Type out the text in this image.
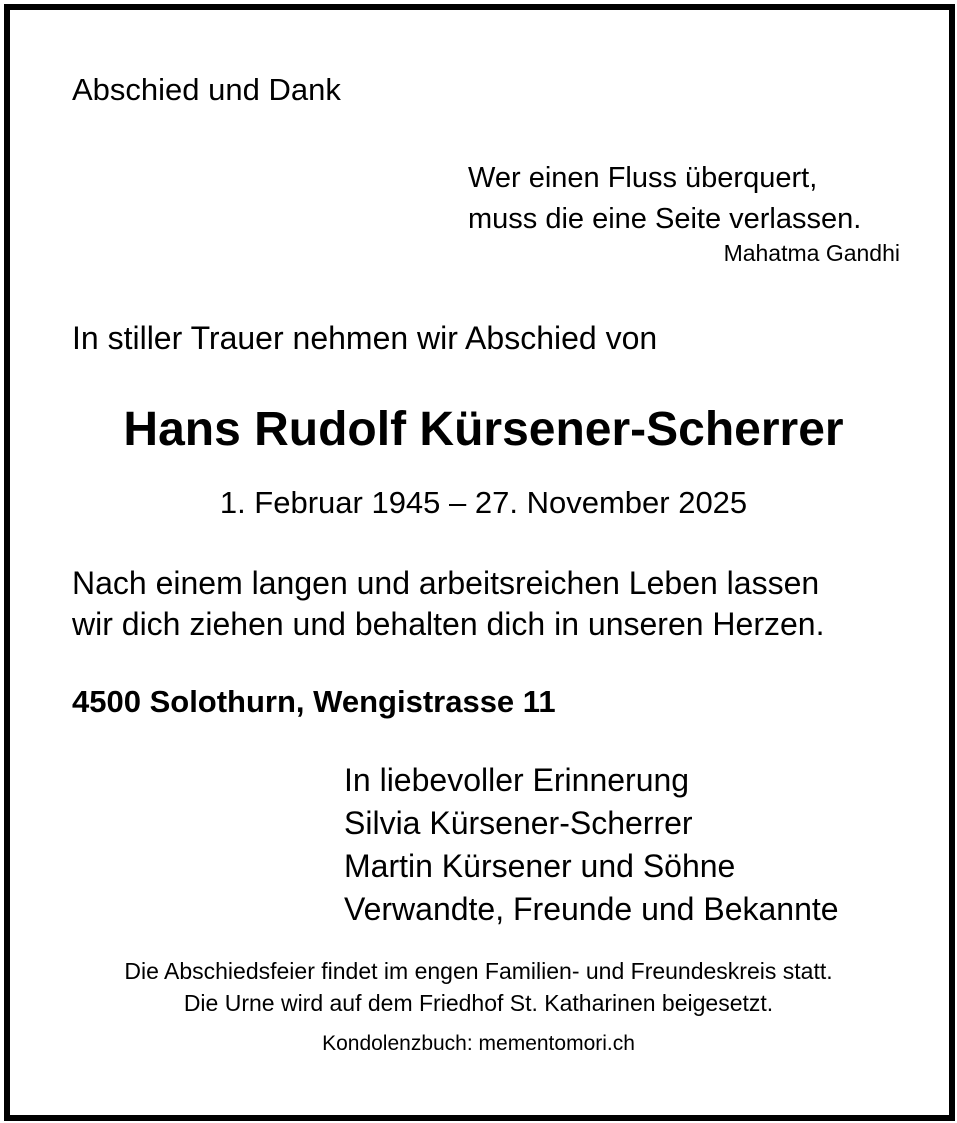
Abschied und Dank
Wer einen Fluss überquert,
muss die eine Seite verlassen.
Mahatma Gandhi
In stiller Trauer nehmen wir Abschied von
Hans Rudolf Kürsener-Scherrer
1. Februar 1945 – 27. November 2025
Nach einem langen und arbeitsreichen Leben lassen
wir dich ziehen und behalten dich in unseren Herzen.
4500 Solothurn, Wengistrasse 11
In liebevoller Erinnerung
Silvia Kürsener-Scherrer
Martin Kürsener und Söhne
Verwandte, Freunde und Bekannte
Die Abschiedsfeier findet im engen Familien- und Freundeskreis statt.
Die Urne wird auf dem Friedhof St. Katharinen beigesetzt.
Kondolenzbuch: mementomori.ch
